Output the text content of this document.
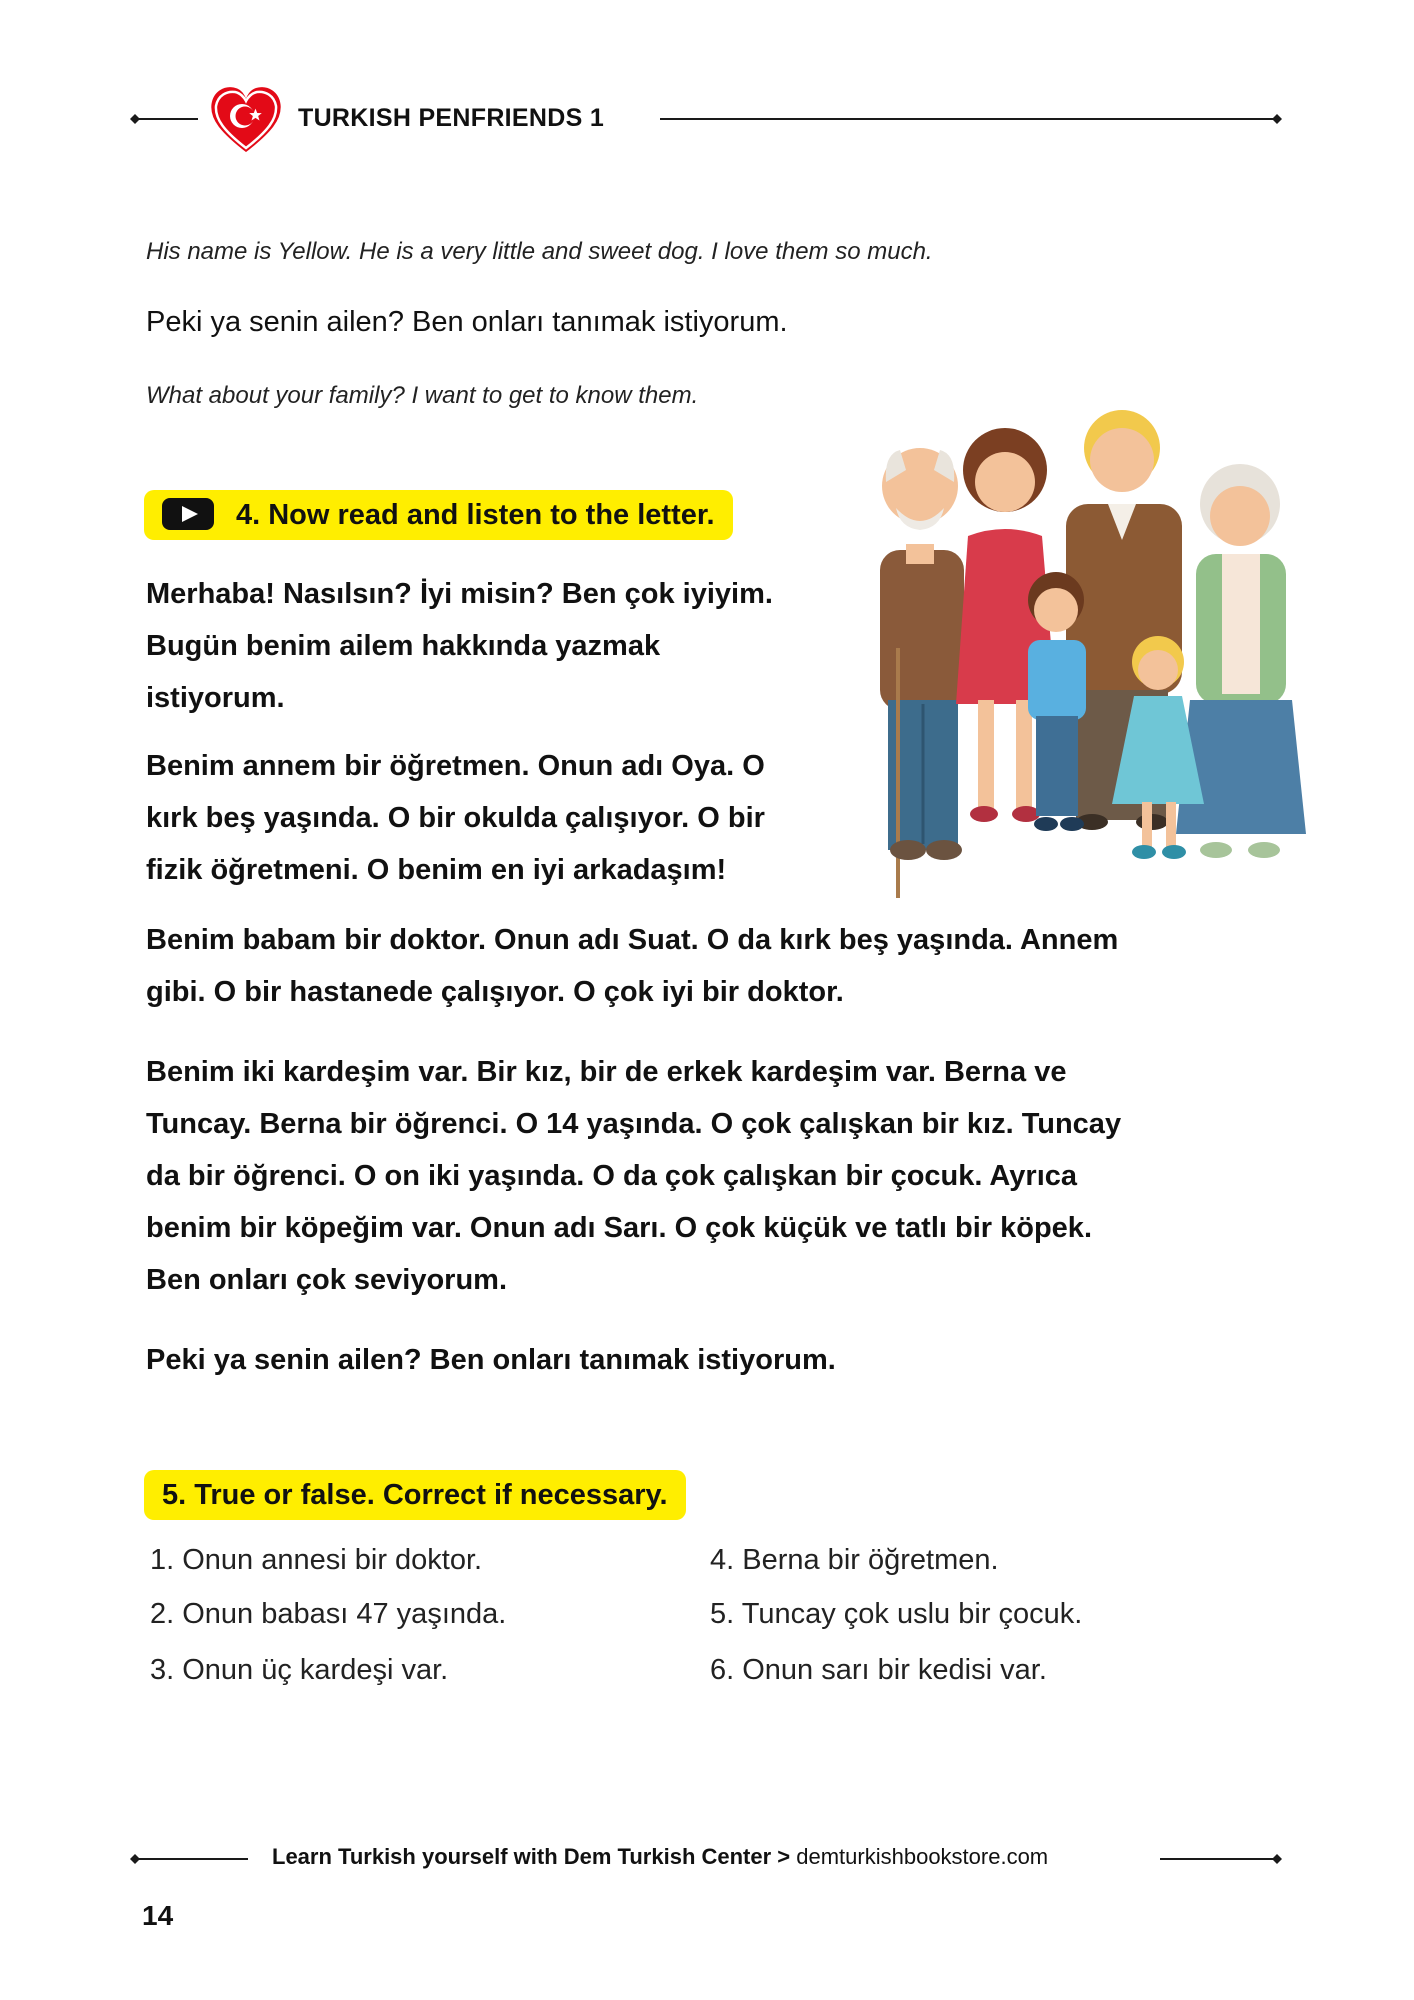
TURKISH PENFRIENDS 1
His name is Yellow. He is a very little and sweet dog. I love them so much.
Peki ya senin ailen? Ben onları tanımak istiyorum.
What about your family? I want to get to know them.
4. Now read and listen to the letter.

Merhaba! Nasılsın? İyi misin? Ben çok iyiyim.

Bugün benim ailem hakkında yazmak

istiyorum.

Benim annem bir öğretmen. Onun adı Oya. O

kırk beş yaşında. O bir okulda çalışıyor. O bir

fizik öğretmeni. O benim en iyi arkadaşım!

Benim babam bir doktor. Onun adı Suat. O da kırk beş yaşında. Annem

gibi. O bir hastanede çalışıyor. O çok iyi bir doktor.

Benim iki kardeşim var. Bir kız, bir de erkek kardeşim var. Berna ve

Tuncay. Berna bir öğrenci. O 14 yaşında. O çok çalışkan bir kız. Tuncay

da bir öğrenci. O on iki yaşında. O da çok çalışkan bir çocuk. Ayrıca

benim bir köpeğim var. Onun adı Sarı. O çok küçük ve tatlı bir köpek.

Ben onları çok seviyorum.

Peki ya senin ailen? Ben onları tanımak istiyorum.

5. True or false. Correct if necessary.
1. Onun annesi bir doktor.
2. Onun babası 47 yaşında.
3. Onun üç kardeşi var.
4. Berna bir öğretmen.
5. Tuncay çok uslu bir çocuk.
6. Onun sarı bir kedisi var.
Learn Turkish yourself with Dem Turkish Center > demturkishbookstore.com
14
